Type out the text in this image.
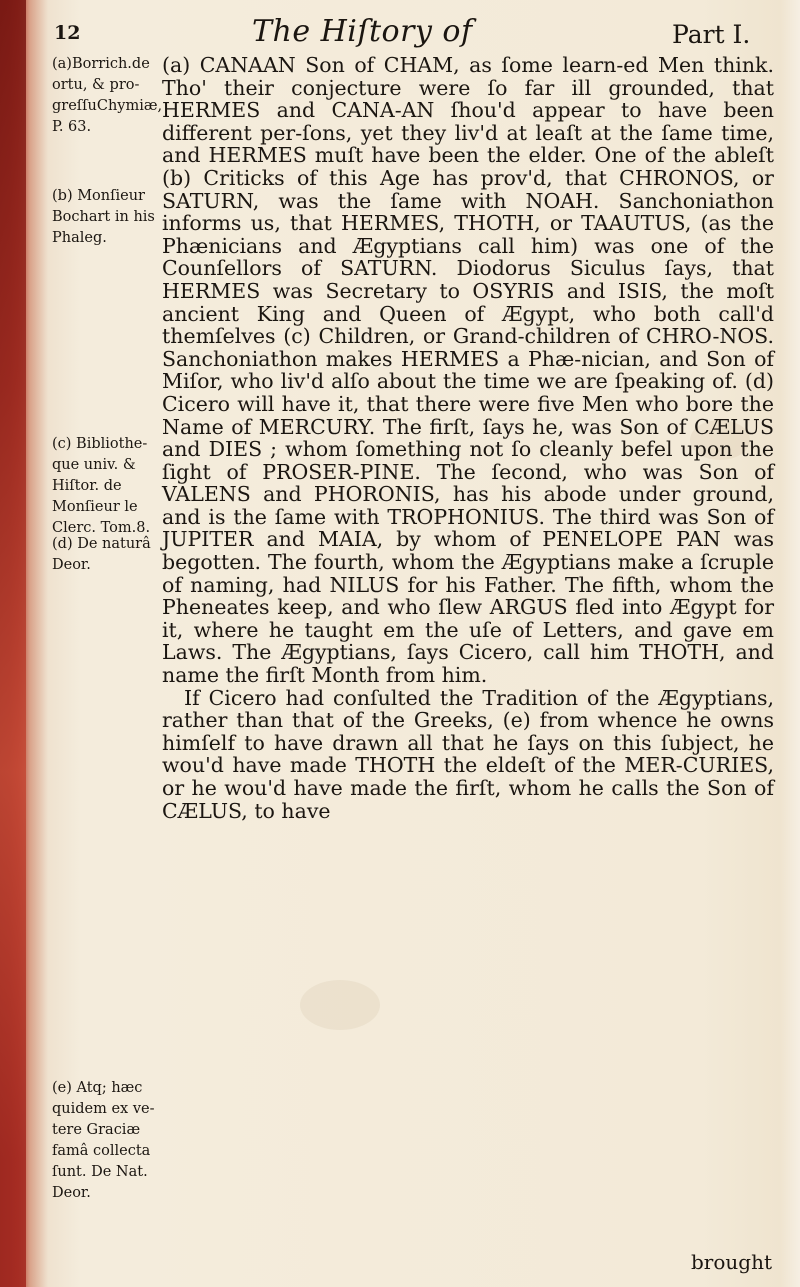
12	The Hiſtory of	Part I.
(a)Borrich.de ortu, & pro-greſſuChymiæ, P. 63.
(b) Monſieur Bochart in his Phaleg.
(c) Bibliothe-que univ. & Hiſtor. de Monſieur le Clerc. Tom.8.
(d) De naturâ Deor.
(e) Atq; hæc quidem ex ve-tere Graciæ famâ collecta ſunt. De Nat. Deor.

(a) CANAAN Son of CHAM, as ſome learn-ed Men think. Tho' their conjecture were ſo far ill grounded, that HERMES and CANA-AN ſhou'd appear to have been different per-ſons, yet they liv'd at leaſt at the ſame time, and HERMES muſt have been the elder. One of the ableſt (b) Criticks of this Age has prov'd, that CHRONOS, or SATURN, was the ſame with NOAH. Sanchoniathon informs us, that HERMES, THOTH, or TAAUTUS, (as the Phænicians and Ægyptians call him) was one of the Counſellors of SATURN. Diodorus Siculus ſays, that HERMES was Secretary to OSYRIS and ISIS, the moſt ancient King and Queen of Ægypt, who both call'd themſelves (c) Children, or Grand-children of CHRO-NOS. Sanchoniathon makes HERMES a Phæ-nician, and Son of Miſor, who liv'd alſo about the time we are ſpeaking of. (d) Cicero will have it, that there were five Men who bore the Name of MERCURY. The firſt, ſays he, was Son of CÆLUS and DIES ; whom ſomething not ſo cleanly befel upon the ſight of PROSER-PINE. The ſecond, who was Son of VALENS and PHORONIS, has his abode under ground, and is the ſame with TROPHONIUS. The third was Son of JUPITER and MAIA, by whom of PENELOPE PAN was begotten. The fourth, whom the Ægyptians make a ſcruple of naming, had NILUS for his Father. The fifth, whom the Pheneates keep, and who ſlew ARGUS fled into Ægypt for it, where he taught em the uſe of Letters, and gave em Laws. The Ægyptians, ſays Cicero, call him THOTH, and name the firſt Month from him.

If Cicero had conſulted the Tradition of the Ægyptians, rather than that of the Greeks, (e) from whence he owns himſelf to have drawn all that he ſays on this ſubject, he wou'd have made THOTH the eldeſt of the MER-CURIES, or he wou'd have made the firſt, whom he calls the Son of CÆLUS, to have

brought
